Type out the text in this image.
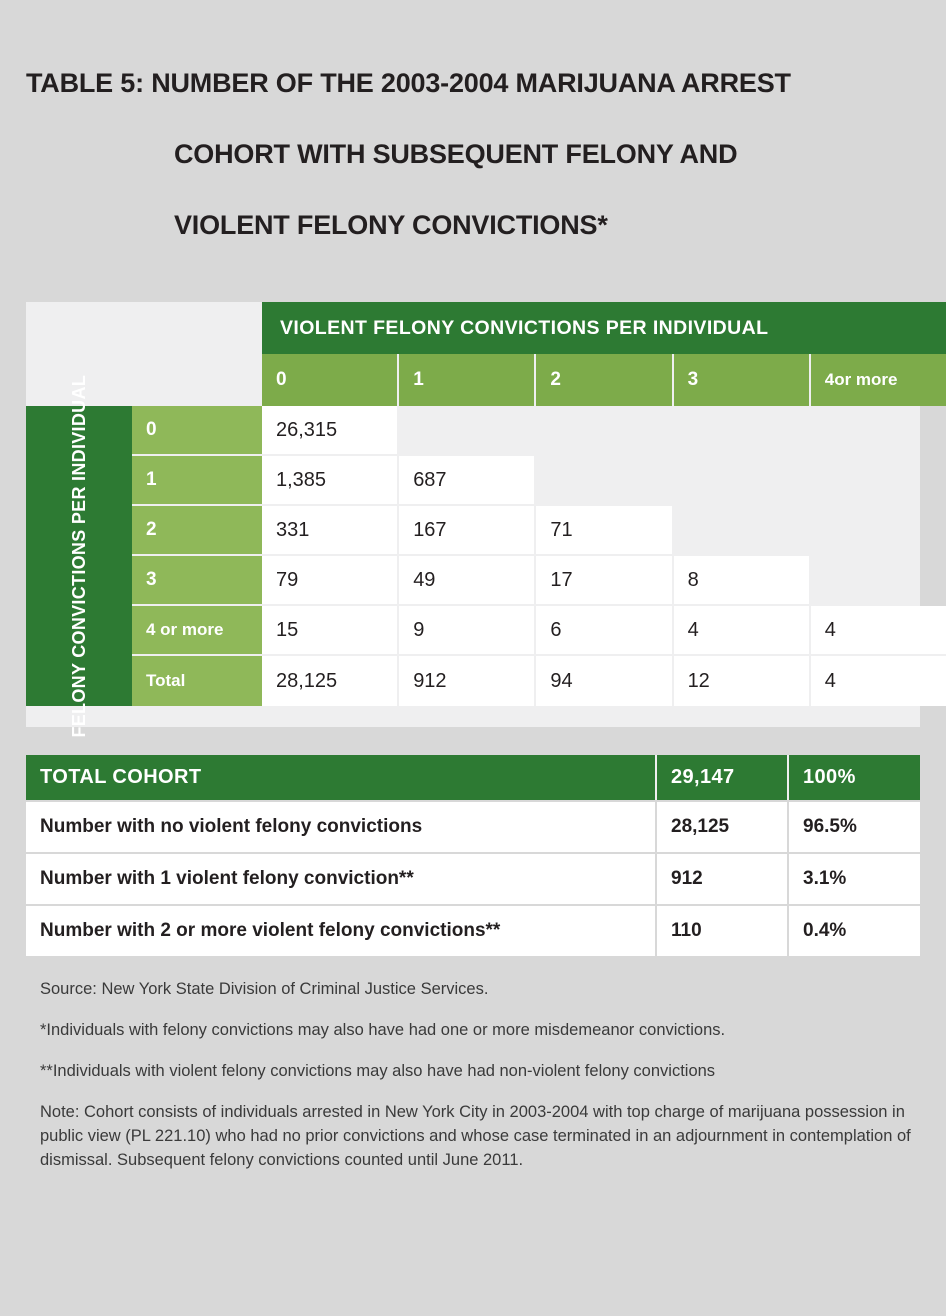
TABLE 5: NUMBER OF THE 2003-2004 MARIJUANA ARREST

COHORT WITH SUBSEQUENT FELONY AND

VIOLENT FELONY CONVICTIONS*

VIOLENT FELONY CONVICTIONS PER INDIVIDUAL
0	1	2	3	4or more
FELONY CONVICTIONS PER INDIVIDUAL	0	26,315
1	1,385	687
2	331	167	71
3	79	49	17	8
4 or more	15	9	6	4	4
Total	28,125	912	94	12	4
TOTAL COHORT	29,147	100%
Number with no violent felony convictions	28,125	96.5%
Number with 1 violent felony conviction**	912	3.1%
Number with 2 or more violent felony convictions**	110	0.4%

Source: New York State Division of Criminal Justice Services.

*Individuals with felony convictions may also have had one or more misdemeanor convictions.

**Individuals with violent felony convictions may also have had non-violent felony convictions

Note: Cohort consists of individuals arrested in New York City in 2003-2004 with top charge of marijuana possession in public view (PL 221.10) who had no prior convictions and whose case terminated in an adjournment in contemplation of dismissal. Subsequent felony convictions counted until June 2011.
